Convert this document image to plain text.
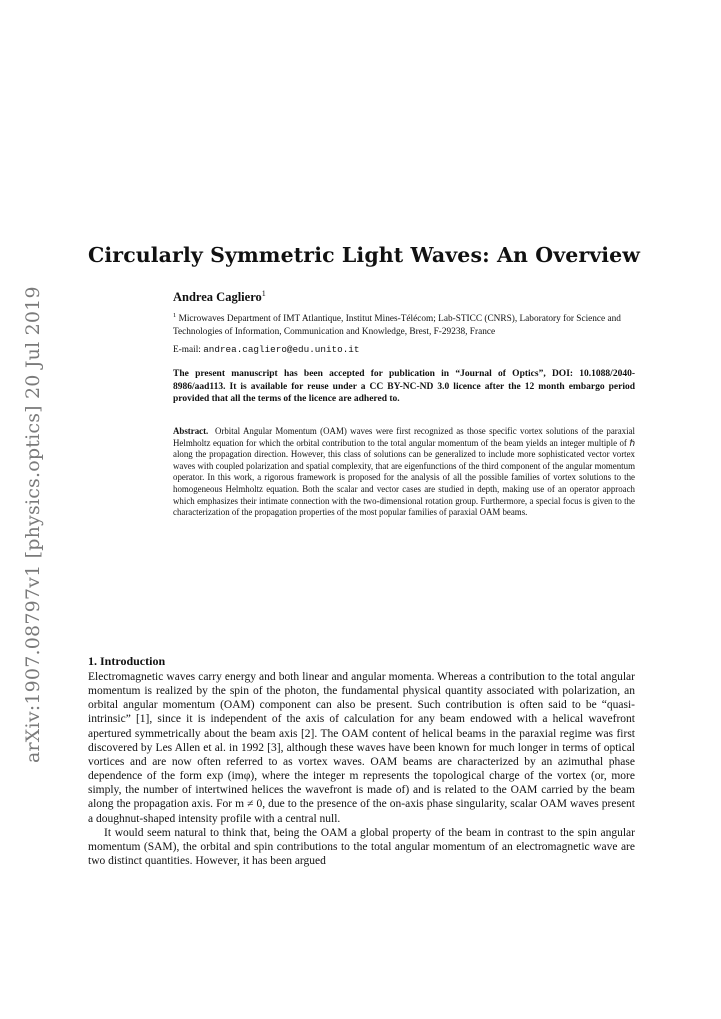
arXiv:1907.08797v1 [physics.optics] 20 Jul 2019
Circularly Symmetric Light Waves: An Overview
Andrea Cagliero$^1$

$^1$ Microwaves Department of IMT Atlantique, Institut Mines-Télécom; Lab-STICC (CNRS), Laboratory for Science and Technologies of Information, Communication and Knowledge, Brest, F-29238, France

E-mail: andrea.cagliero@edu.unito.it
The present manuscript has been accepted for publication in “Journal of Optics”, DOI: 10.1088/2040-8986/aad113. It is available for reuse under a CC BY-NC-ND 3.0 licence after the 12 month embargo period provided that all the terms of the licence are adhered to.
Abstract. Orbital Angular Momentum (OAM) waves were first recognized as those specific vortex solutions of the paraxial Helmholtz equation for which the orbital contribution to the total angular momentum of the beam yields an integer multiple of ℏ along the propagation direction. However, this class of solutions can be generalized to include more sophisticated vector vortex waves with coupled polarization and spatial complexity, that are eigenfunctions of the third component of the angular momentum operator. In this work, a rigorous framework is proposed for the analysis of all the possible families of vortex solutions to the homogeneous Helmholtz equation. Both the scalar and vector cases are studied in depth, making use of an operator approach which emphasizes their intimate connection with the two-dimensional rotation group. Furthermore, a special focus is given to the characterization of the propagation properties of the most popular families of paraxial OAM beams.
1. Introduction

Electromagnetic waves carry energy and both linear and angular momenta. Whereas a contribution to the total angular momentum is realized by the spin of the photon, the fundamental physical quantity associated with polarization, an orbital angular momentum (OAM) component can also be present. Such contribution is often said to be “quasi-intrinsic” [1], since it is independent of the axis of calculation for any beam endowed with a helical wavefront apertured symmetrically about the beam axis [2]. The OAM content of helical beams in the paraxial regime was first discovered by Les Allen et al. in 1992 [3], although these waves have been known for much longer in terms of optical vortices and are now often referred to as vortex waves. OAM beams are characterized by an azimuthal phase dependence of the form exp (imφ), where the integer m represents the topological charge of the vortex (or, more simply, the number of intertwined helices the wavefront is made of) and is related to the OAM carried by the beam along the propagation axis. For m ≠ 0, due to the presence of the on-axis phase singularity, scalar OAM waves present a doughnut-shaped intensity profile with a central null.

It would seem natural to think that, being the OAM a global property of the beam in contrast to the spin angular momentum (SAM), the orbital and spin contributions to the total angular momentum of an electromagnetic wave are two distinct quantities. However, it has been argued
